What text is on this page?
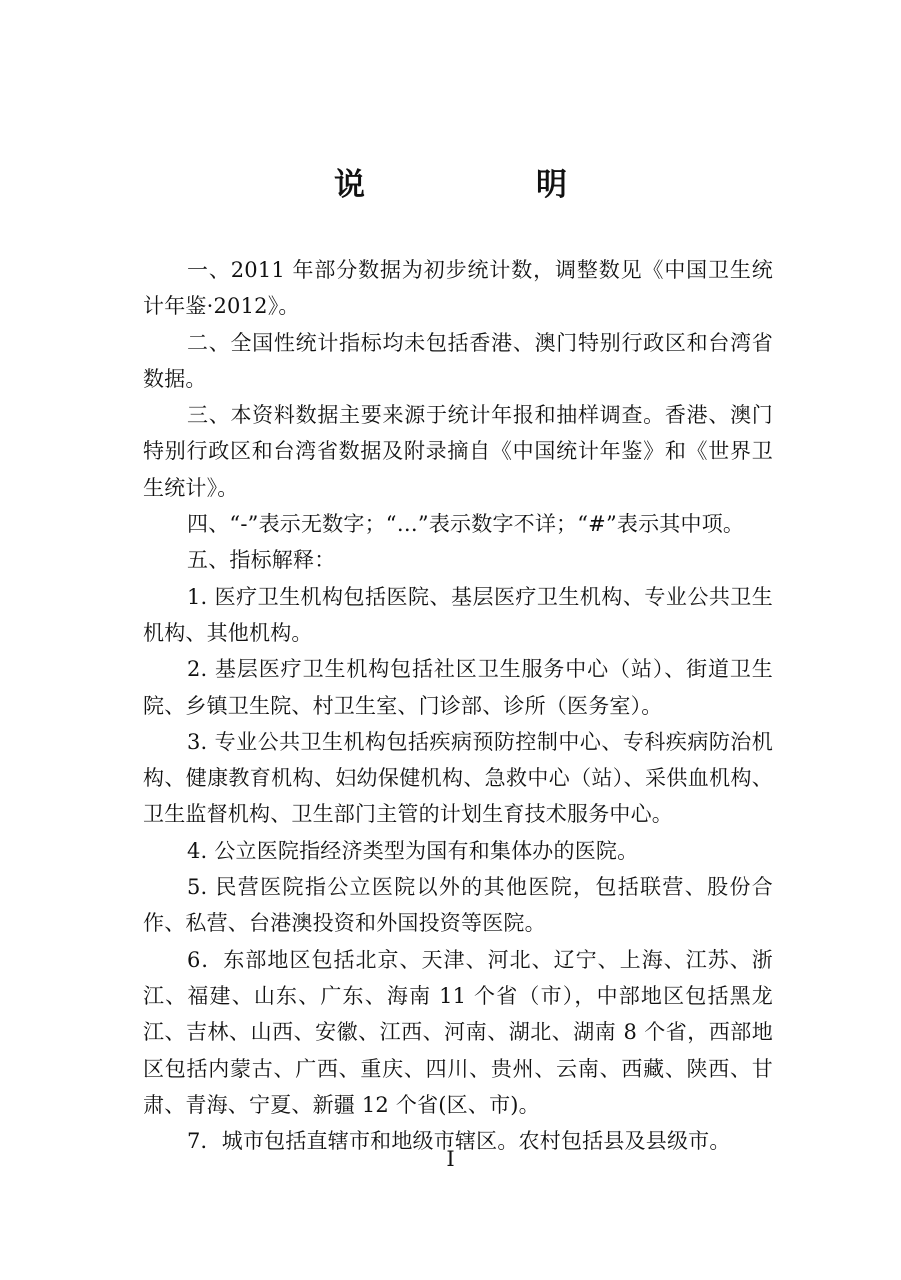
说　明

一、2011 年部分数据为初步统计数，调整数见《中国卫生统计年鉴·2012》。

二、全国性统计指标均未包括香港、澳门特别行政区和台湾省数据。

三、本资料数据主要来源于统计年报和抽样调查。香港、澳门特别行政区和台湾省数据及附录摘自《中国统计年鉴》和《世界卫生统计》。

四、“-”表示无数字；“…”表示数字不详；“#”表示其中项。

五、指标解释：

1. 医疗卫生机构包括医院、基层医疗卫生机构、专业公共卫生机构、其他机构。

2. 基层医疗卫生机构包括社区卫生服务中心（站）、街道卫生院、乡镇卫生院、村卫生室、门诊部、诊所（医务室）。

3. 专业公共卫生机构包括疾病预防控制中心、专科疾病防治机构、健康教育机构、妇幼保健机构、急救中心（站）、采供血机构、卫生监督机构、卫生部门主管的计划生育技术服务中心。

4. 公立医院指经济类型为国有和集体办的医院。

5. 民营医院指公立医院以外的其他医院，包括联营、股份合作、私营、台港澳投资和外国投资等医院。

6．东部地区包括北京、天津、河北、辽宁、上海、江苏、浙江、福建、山东、广东、海南 11 个省（市），中部地区包括黑龙江、吉林、山西、安徽、江西、河南、湖北、湖南 8 个省，西部地区包括内蒙古、广西、重庆、四川、贵州、云南、西藏、陕西、甘肃、青海、宁夏、新疆 12 个省(区、市)。

7．城市包括直辖市和地级市辖区。农村包括县及县级市。

I
